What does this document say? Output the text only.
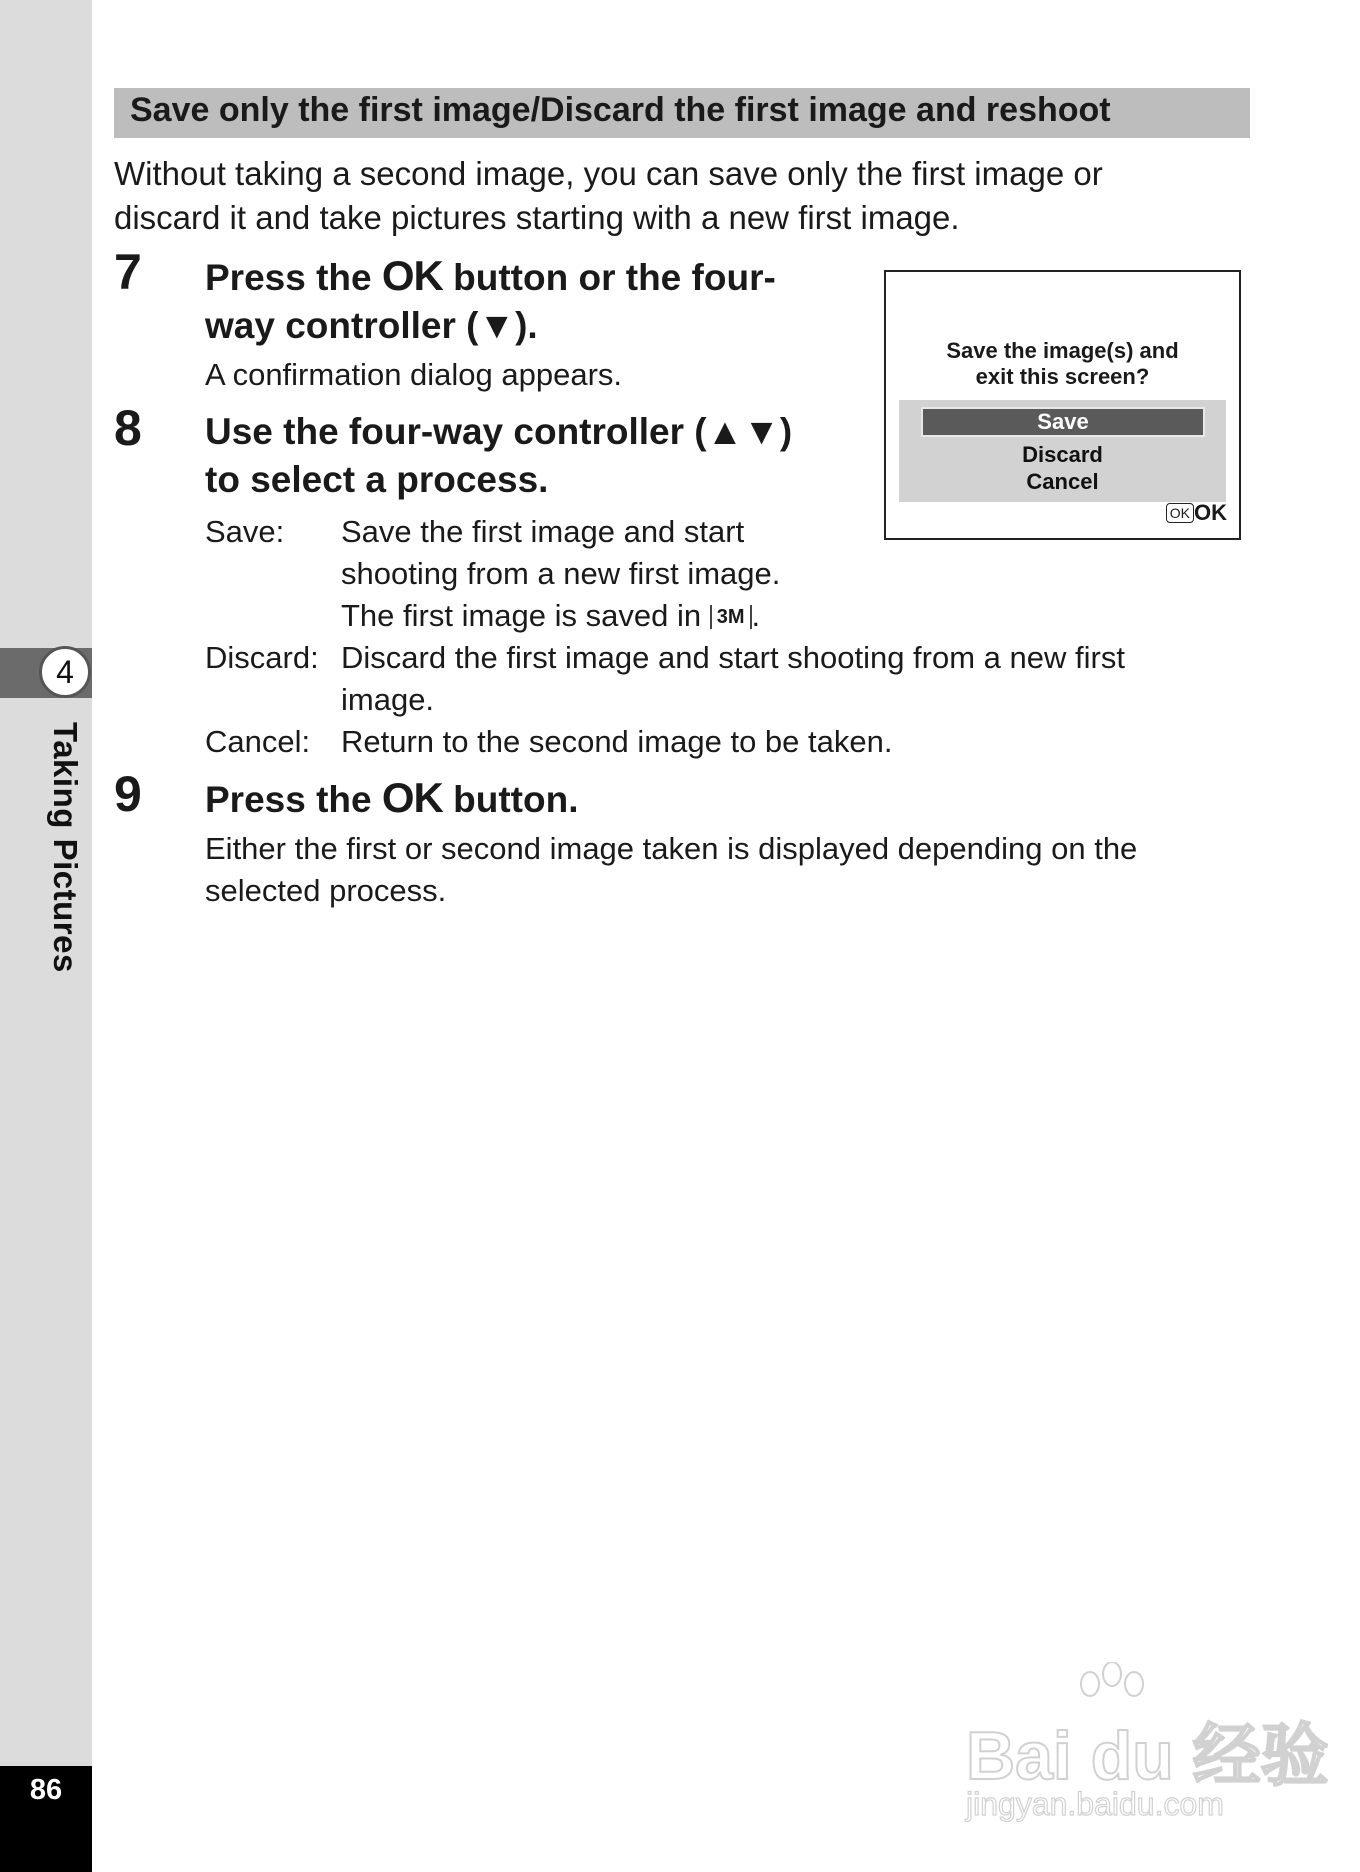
4
Taking Pictures
86
Save only the first image/Discard the first image and reshoot
Without taking a second image, you can save only the first image or
discard it and take pictures starting with a new first image.
7 Press the OK button or the four-
way controller (▼).
A confirmation dialog appears.
8 Use the four-way controller (▲▼)
to select a process.
Save: Save the first image and start
shooting from a new first image.
The first image is saved in 3M .
Discard: Discard the first image and start shooting from a new first
image.
Cancel: Return to the second image to be taken.
9 Press the OK button.
Either the first or second image taken is displayed depending on the
selected process.
Save the image(s) and
exit this screen?
Save
Discard
Cancel
OK OK
Bai du 经验
jingyan.baidu.com
